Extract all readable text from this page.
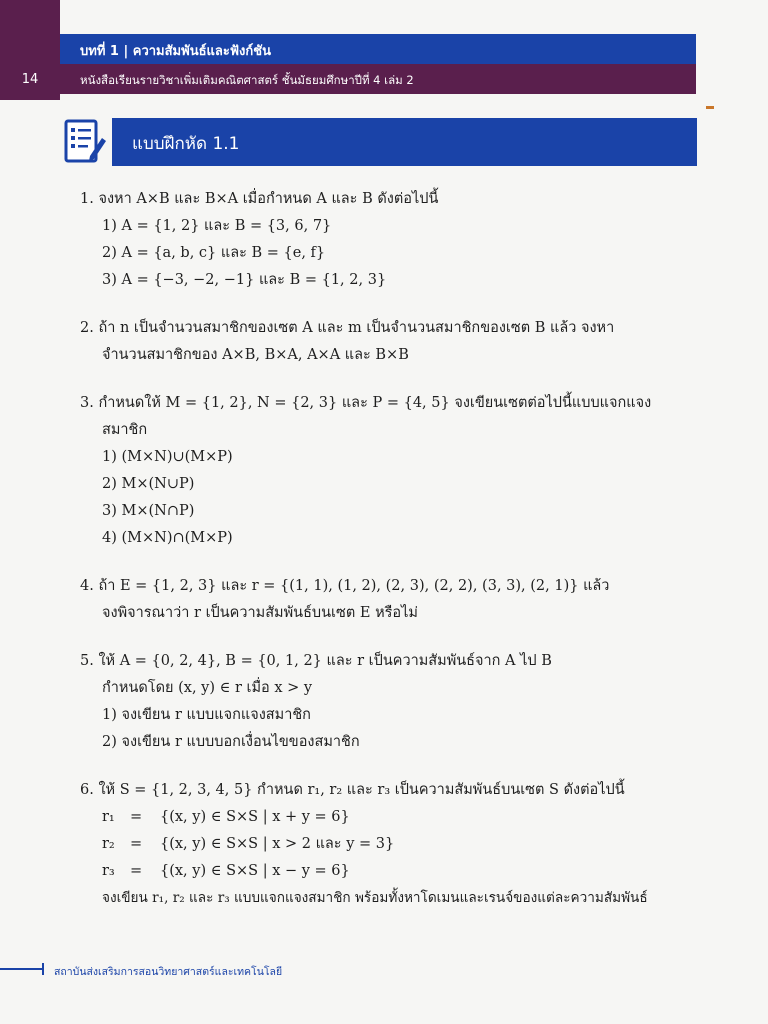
14
บทที่ 1 | ความสัมพันธ์และฟังก์ชัน
หนังสือเรียนรายวิชาเพิ่มเติมคณิตศาสตร์ ชั้นมัธยมศึกษาปีที่ 4 เล่ม 2
แบบฝึกหัด 1.1
1. จงหา A×B และ B×A เมื่อกำหนด A และ B ดังต่อไปนี้
1) A = {1, 2} และ B = {3, 6, 7}
2) A = {a, b, c} และ B = {e, f}
3) A = {−3, −2, −1} และ B = {1, 2, 3}
2. ถ้า n เป็นจำนวนสมาชิกของเซต A และ m เป็นจำนวนสมาชิกของเซต B แล้ว จงหา
จำนวนสมาชิกของ A×B, B×A, A×A และ B×B
3. กำหนดให้ M = {1, 2}, N = {2, 3} และ P = {4, 5} จงเขียนเซตต่อไปนี้แบบแจกแจง
สมาชิก
1) (M×N)∪(M×P)
2) M×(N∪P)
3) M×(N∩P)
4) (M×N)∩(M×P)
4. ถ้า E = {1, 2, 3} และ r = {(1, 1), (1, 2), (2, 3), (2, 2), (3, 3), (2, 1)} แล้ว
จงพิจารณาว่า r เป็นความสัมพันธ์บนเซต E หรือไม่
5. ให้ A = {0, 2, 4}, B = {0, 1, 2} และ r เป็นความสัมพันธ์จาก A ไป B
กำหนดโดย (x, y) ∈ r เมื่อ x > y
1) จงเขียน r แบบแจกแจงสมาชิก
2) จงเขียน r แบบบอกเงื่อนไขของสมาชิก
6. ให้ S = {1, 2, 3, 4, 5} กำหนด r₁, r₂ และ r₃ เป็นความสัมพันธ์บนเซต S ดังต่อไปนี้
r₁ = {(x, y) ∈ S×S | x + y = 6}
r₂ = {(x, y) ∈ S×S | x > 2 และ y = 3}
r₃ = {(x, y) ∈ S×S | x − y = 6}
จงเขียน r₁, r₂ และ r₃ แบบแจกแจงสมาชิก พร้อมทั้งหาโดเมนและเรนจ์ของแต่ละความสัมพันธ์
สถาบันส่งเสริมการสอนวิทยาศาสตร์และเทคโนโลยี
